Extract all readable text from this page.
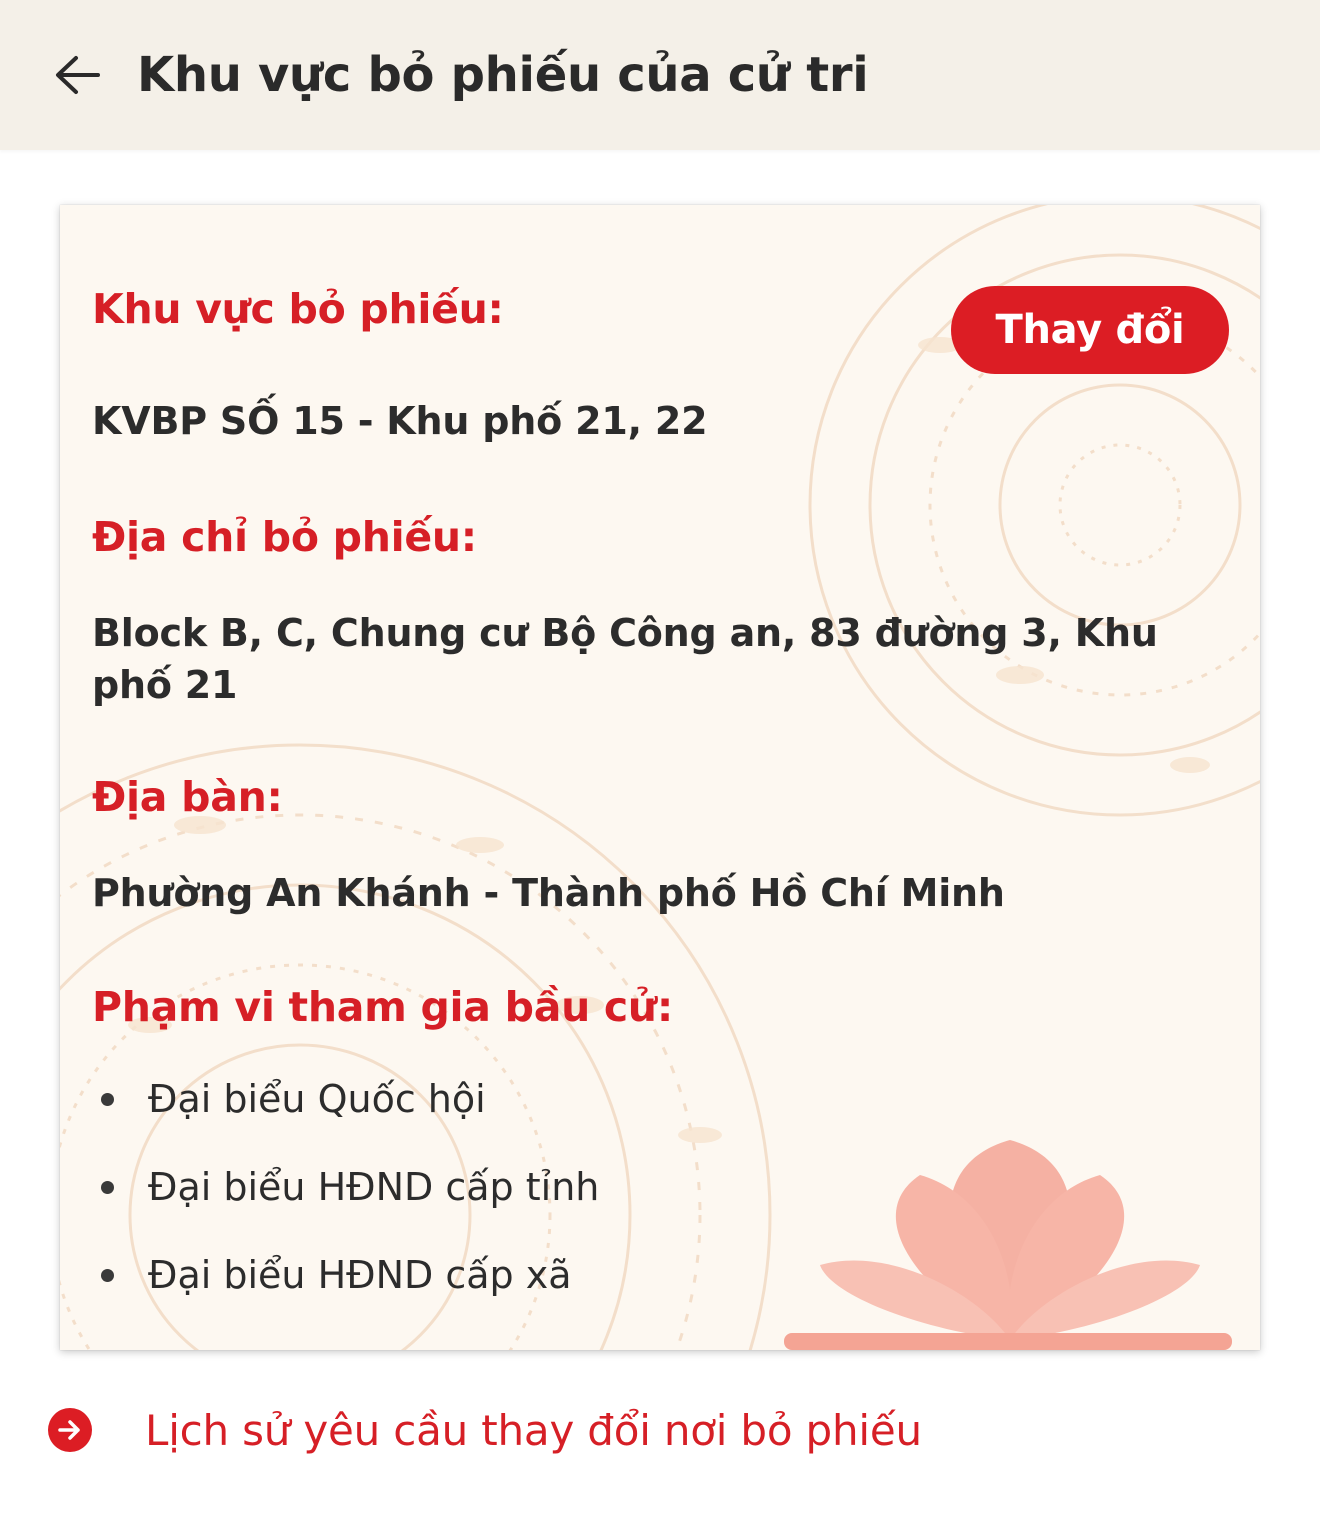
Khu vực bỏ phiếu của cử tri
Khu vực bỏ phiếu:	Thay đổi

KVBP SỐ 15 - Khu phố 21, 22

Địa chỉ bỏ phiếu:

Block B, C, Chung cư Bộ Công an, 83 đường 3, Khu phố 21

Địa bàn:

Phường An Khánh - Thành phố Hồ Chí Minh

Phạm vi tham gia bầu cử:
Đại biểu Quốc hội
Đại biểu HĐND cấp tỉnh
Đại biểu HĐND cấp xã
Lịch sử yêu cầu thay đổi nơi bỏ phiếu
